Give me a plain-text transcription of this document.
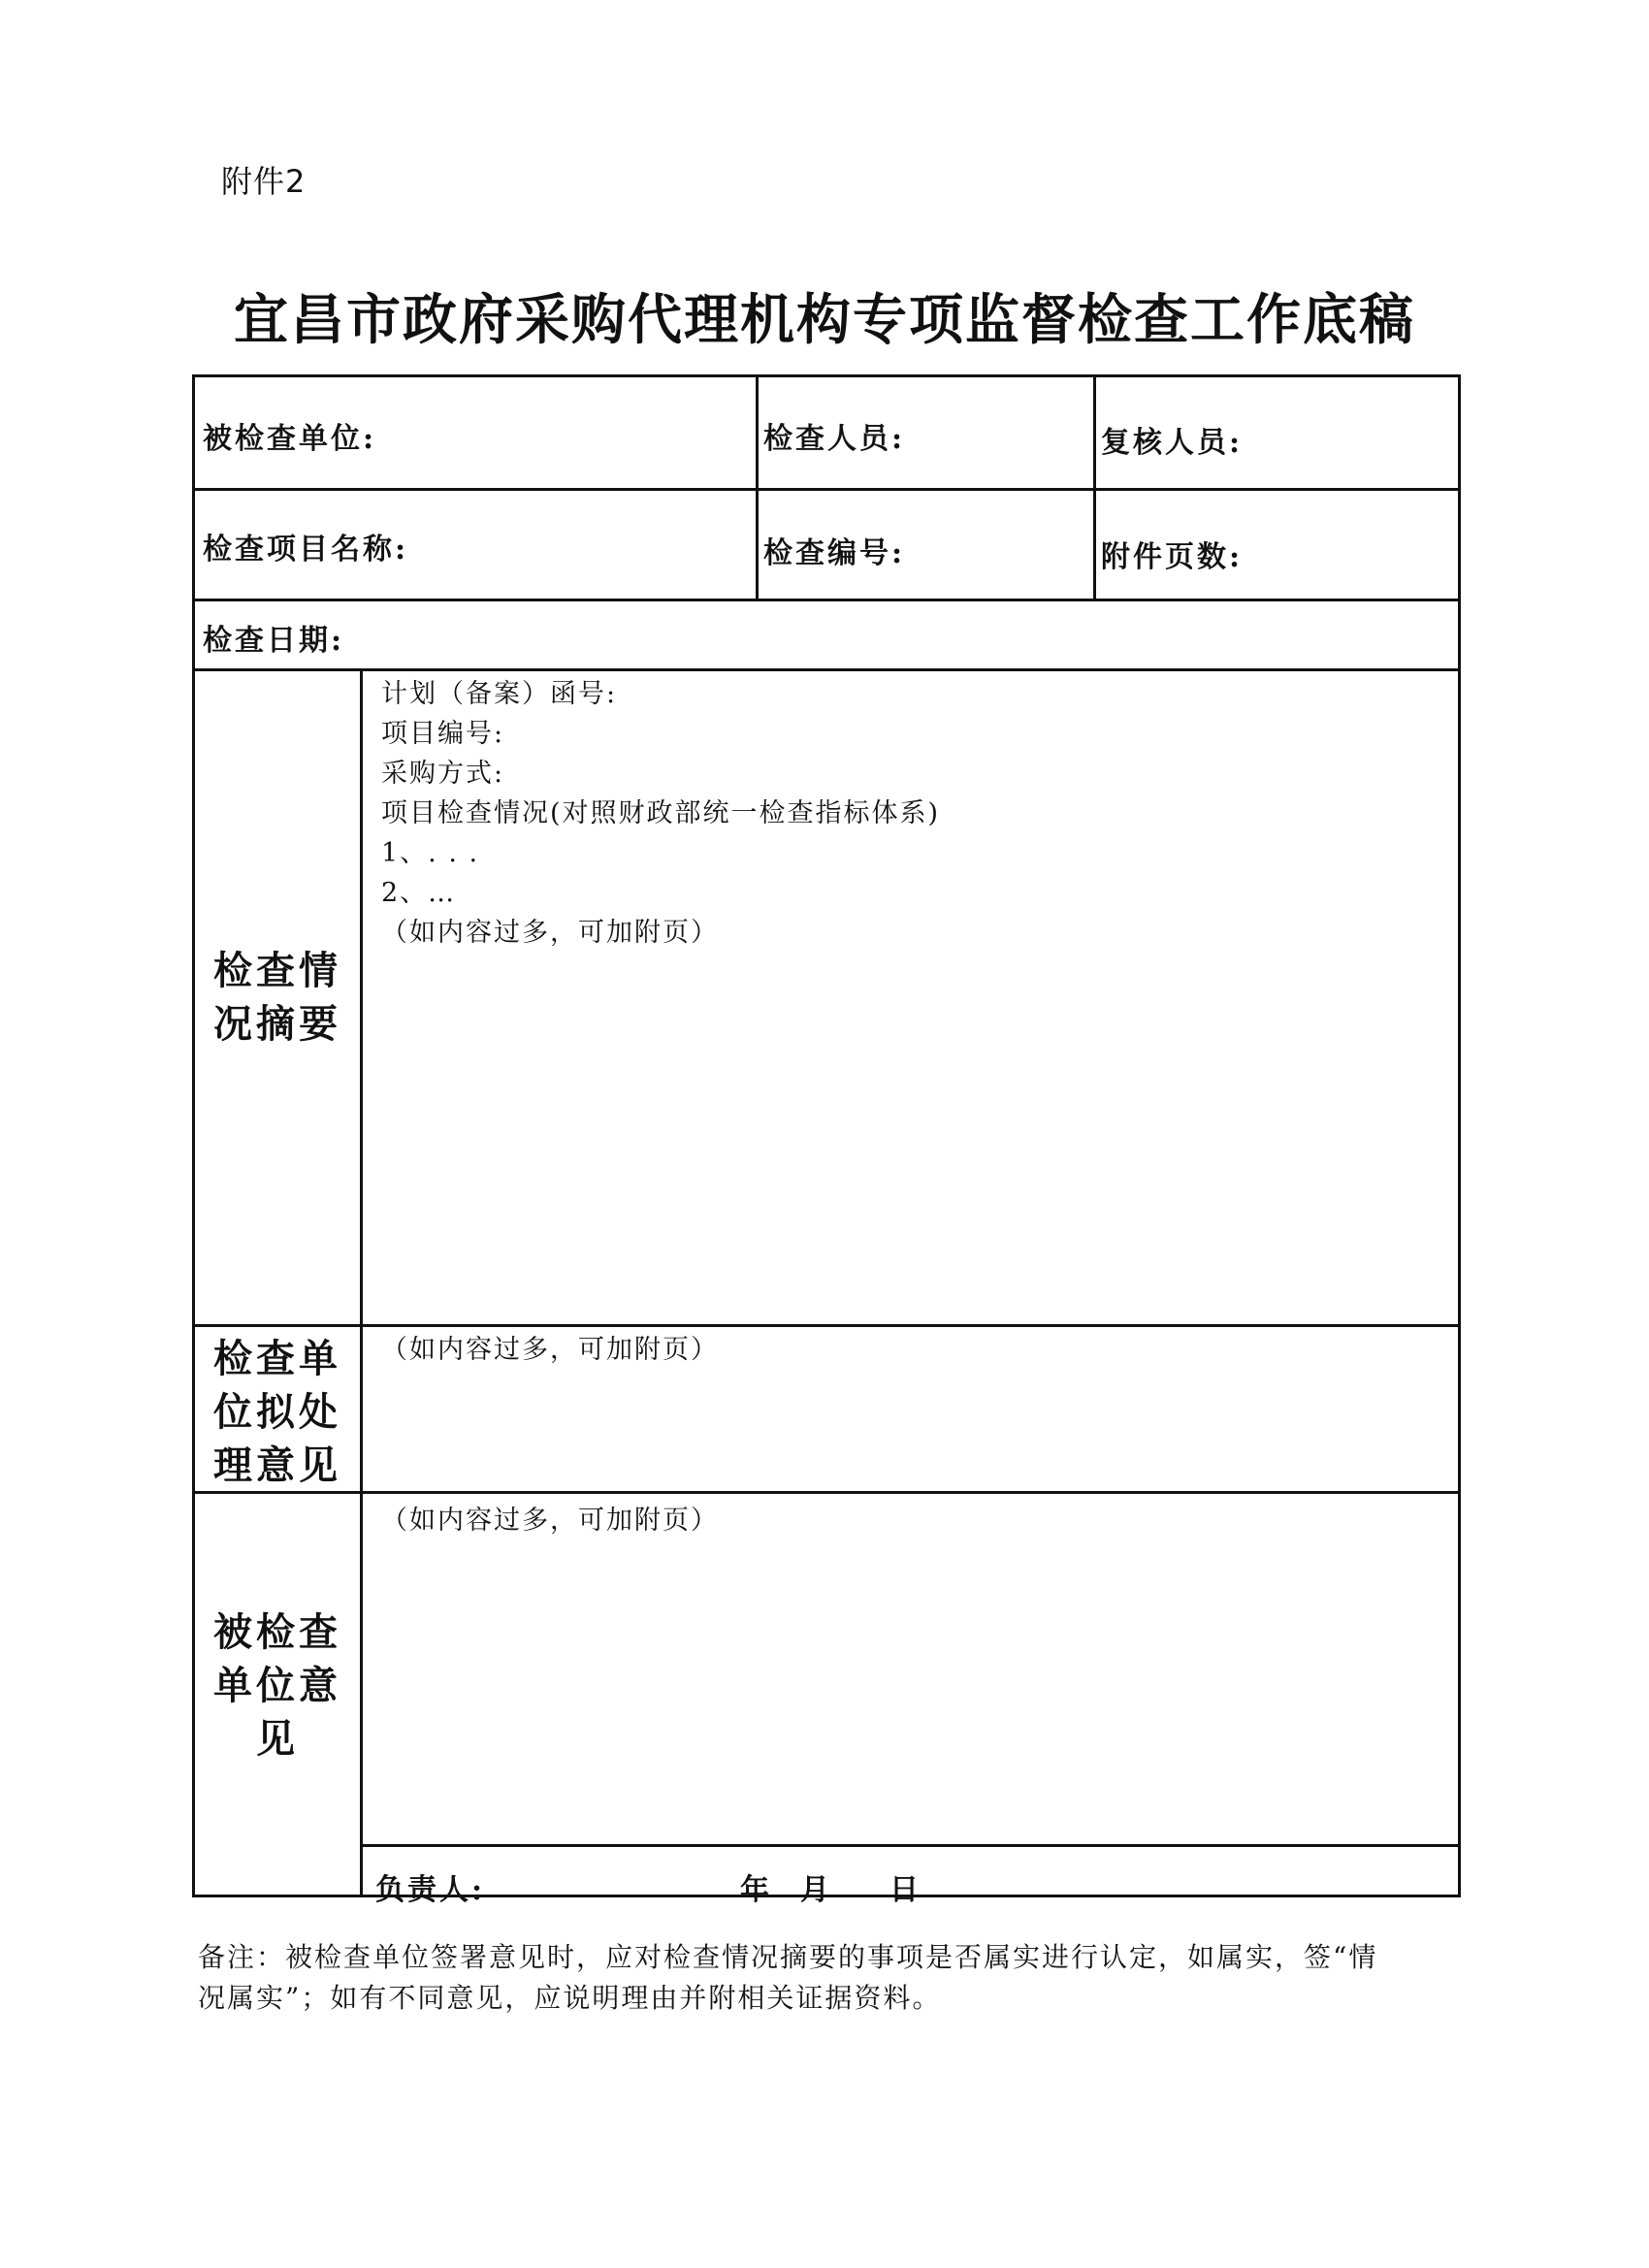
附件2
宜昌市政府采购代理机构专项监督检查工作底稿
被检查单位:	检查人员:	复核人员:
检查项目名称:	检查编号:	附件页数:
检查日期:
检查情
况摘要
计划（备案）函号:
项目编号:
采购方式:
项目检查情况(对照财政部统一检查指标体系)
1、. . .
2、…
（如内容过多，可加附页）
检查单
位拟处
理意见
（如内容过多，可加附页）
被检查
单位意
见
（如内容过多，可加附页）
负责人:	年 月 日
备注：被检查单位签署意见时，应对检查情况摘要的事项是否属实进行认定，如属实，签“情
况属实”；如有不同意见，应说明理由并附相关证据资料。
